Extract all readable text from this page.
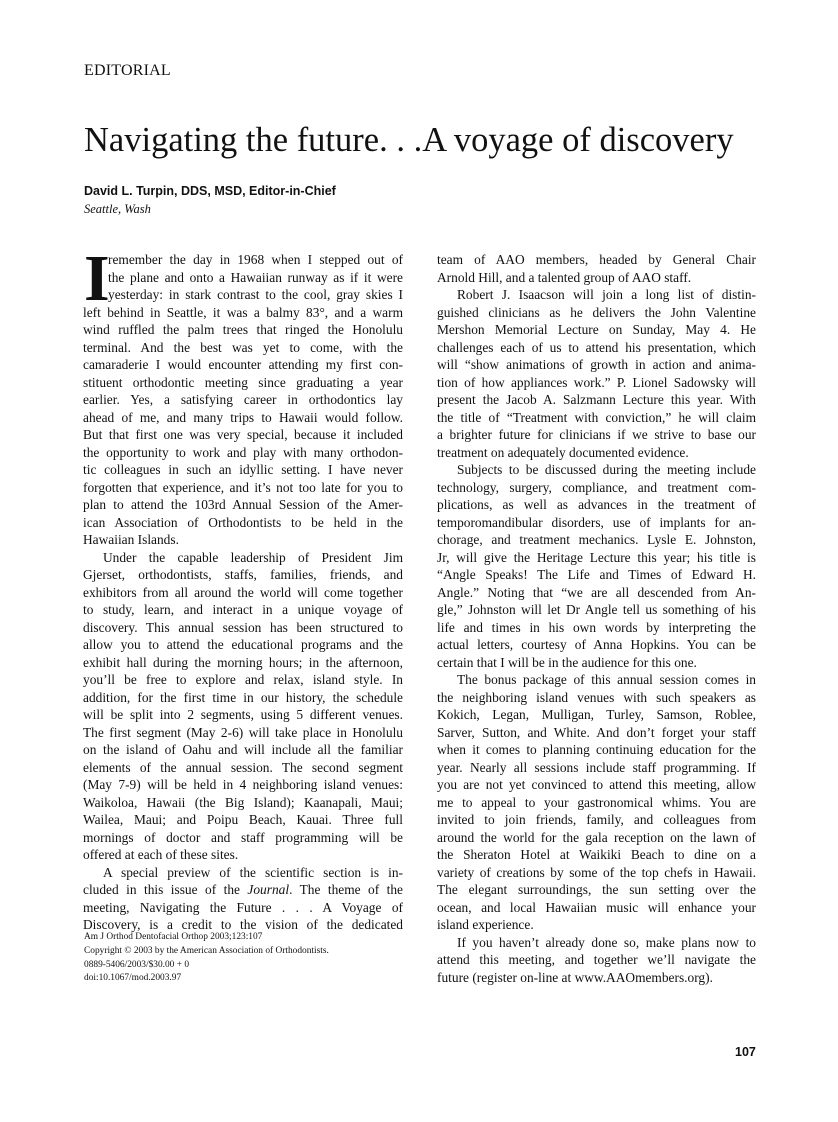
EDITORIAL
Navigating the future. . .A voyage of discovery
David L. Turpin, DDS, MSD, Editor-in-Chief
Seattle, Wash
I
remember the day in 1968 when I stepped out of
the plane and onto a Hawaiian runway as if it were
yesterday: in stark contrast to the cool, gray skies I
left behind in Seattle, it was a balmy 83°, and a warm
wind ruffled the palm trees that ringed the Honolulu
terminal. And the best was yet to come, with the
camaraderie I would encounter attending my first con-
stituent orthodontic meeting since graduating a year
earlier. Yes, a satisfying career in orthodontics lay
ahead of me, and many trips to Hawaii would follow.
But that first one was very special, because it included
the opportunity to work and play with many orthodon-
tic colleagues in such an idyllic setting. I have never
forgotten that experience, and it’s not too late for you to
plan to attend the 103rd Annual Session of the Amer-
ican Association of Orthodontists to be held in the
Hawaiian Islands.
Under the capable leadership of President Jim
Gjerset, orthodontists, staffs, families, friends, and
exhibitors from all around the world will come together
to study, learn, and interact in a unique voyage of
discovery. This annual session has been structured to
allow you to attend the educational programs and the
exhibit hall during the morning hours; in the afternoon,
you’ll be free to explore and relax, island style. In
addition, for the first time in our history, the schedule
will be split into 2 segments, using 5 different venues.
The first segment (May 2-6) will take place in Honolulu
on the island of Oahu and will include all the familiar
elements of the annual session. The second segment
(May 7-9) will be held in 4 neighboring island venues:
Waikoloa, Hawaii (the Big Island); Kaanapali, Maui;
Wailea, Maui; and Poipu Beach, Kauai. Three full
mornings of doctor and staff programming will be
offered at each of these sites.
A special preview of the scientific section is in-
cluded in this issue of the Journal. The theme of the
meeting, Navigating the Future . . . A Voyage of
Discovery, is a credit to the vision of the dedicated
team of AAO members, headed by General Chair
Arnold Hill, and a talented group of AAO staff.
Robert J. Isaacson will join a long list of distin-
guished clinicians as he delivers the John Valentine
Mershon Memorial Lecture on Sunday, May 4. He
challenges each of us to attend his presentation, which
will “show animations of growth in action and anima-
tion of how appliances work.” P. Lionel Sadowsky will
present the Jacob A. Salzmann Lecture this year. With
the title of “Treatment with conviction,” he will claim
a brighter future for clinicians if we strive to base our
treatment on adequately documented evidence.
Subjects to be discussed during the meeting include
technology, surgery, compliance, and treatment com-
plications, as well as advances in the treatment of
temporomandibular disorders, use of implants for an-
chorage, and treatment mechanics. Lysle E. Johnston,
Jr, will give the Heritage Lecture this year; his title is
“Angle Speaks! The Life and Times of Edward H.
Angle.” Noting that “we are all descended from An-
gle,” Johnston will let Dr Angle tell us something of his
life and times in his own words by interpreting the
actual letters, courtesy of Anna Hopkins. You can be
certain that I will be in the audience for this one.
The bonus package of this annual session comes in
the neighboring island venues with such speakers as
Kokich, Legan, Mulligan, Turley, Samson, Roblee,
Sarver, Sutton, and White. And don’t forget your staff
when it comes to planning continuing education for the
year. Nearly all sessions include staff programming. If
you are not yet convinced to attend this meeting, allow
me to appeal to your gastronomical whims. You are
invited to join friends, family, and colleagues from
around the world for the gala reception on the lawn of
the Sheraton Hotel at Waikiki Beach to dine on a
variety of creations by some of the top chefs in Hawaii.
The elegant surroundings, the sun setting over the
ocean, and local Hawaiian music will enhance your
island experience.
If you haven’t already done so, make plans now to
attend this meeting, and together we’ll navigate the
future (register on-line at www.AAOmembers.org).
Am J Orthod Dentofacial Orthop 2003;123:107
Copyright © 2003 by the American Association of Orthodontists.
0889-5406/2003/$30.00 + 0
doi:10.1067/mod.2003.97
107
